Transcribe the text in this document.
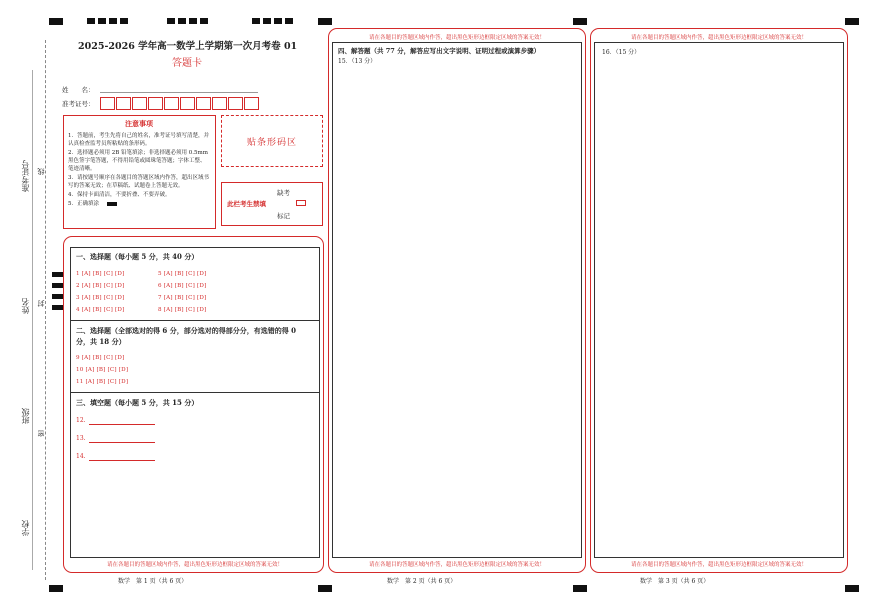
准考证号 线
姓名 封
班级
密
学校
2025-2026 学年高一数学上学期第一次月考卷 01
答题卡
姓　　名：
准考证号：
注意事项
1．答题前，考生先将自己的姓名，准考证号填写清楚，并认真检查监考员所粘贴的条形码。
2．选择题必须用 2B 铅笔填涂；非选择题必须用 0.5mm 黑色签字笔答题，不得用铅笔或圆珠笔答题；字体工整、笔迹清晰。
3．请按题号顺序在各题目的答题区域内作答，超出区域书写的答案无效；在草稿纸、试题卷上答题无效。
4．保持卡面清洁，不要折叠、不要弄破。
5．正确填涂
贴条形码区
此栏考生禁填
缺考
标记
一、选择题（每小题 5 分，共 40 分）
1 [A] [B] [C] [D]
2 [A] [B] [C] [D]
3 [A] [B] [C] [D]
4 [A] [B] [C] [D]
5 [A] [B] [C] [D]
6 [A] [B] [C] [D]
7 [A] [B] [C] [D]
8 [A] [B] [C] [D]
二、选择题（全部选对的得 6 分，部分选对的得部分分，有选错的得 0
分，共 18 分）
9 [A] [B] [C] [D]
10 [A] [B] [C] [D]
11 [A] [B] [C] [D]
三、填空题（每小题 5 分，共 15 分）
12.
13.
14.
请在各题目的答题区域内作答，超出黑色矩形边框限定区域的答案无效！
请在各题目的答题区域内作答，超出黑色矩形边框限定区域的答案无效！
四、解答题（共 77 分，解答应写出文字说明、证明过程或演算步骤）
15．（13 分）
请在各题目的答题区域内作答，超出黑色矩形边框限定区域的答案无效！
请在各题目的答题区域内作答，超出黑色矩形边框限定区域的答案无效！
16．（15 分）
请在各题目的答题区域内作答，超出黑色矩形边框限定区域的答案无效！
数学　第 1 页（共 6 页）	数学　第 2 页（共 6 页）	数学　第 3 页（共 6 页）
